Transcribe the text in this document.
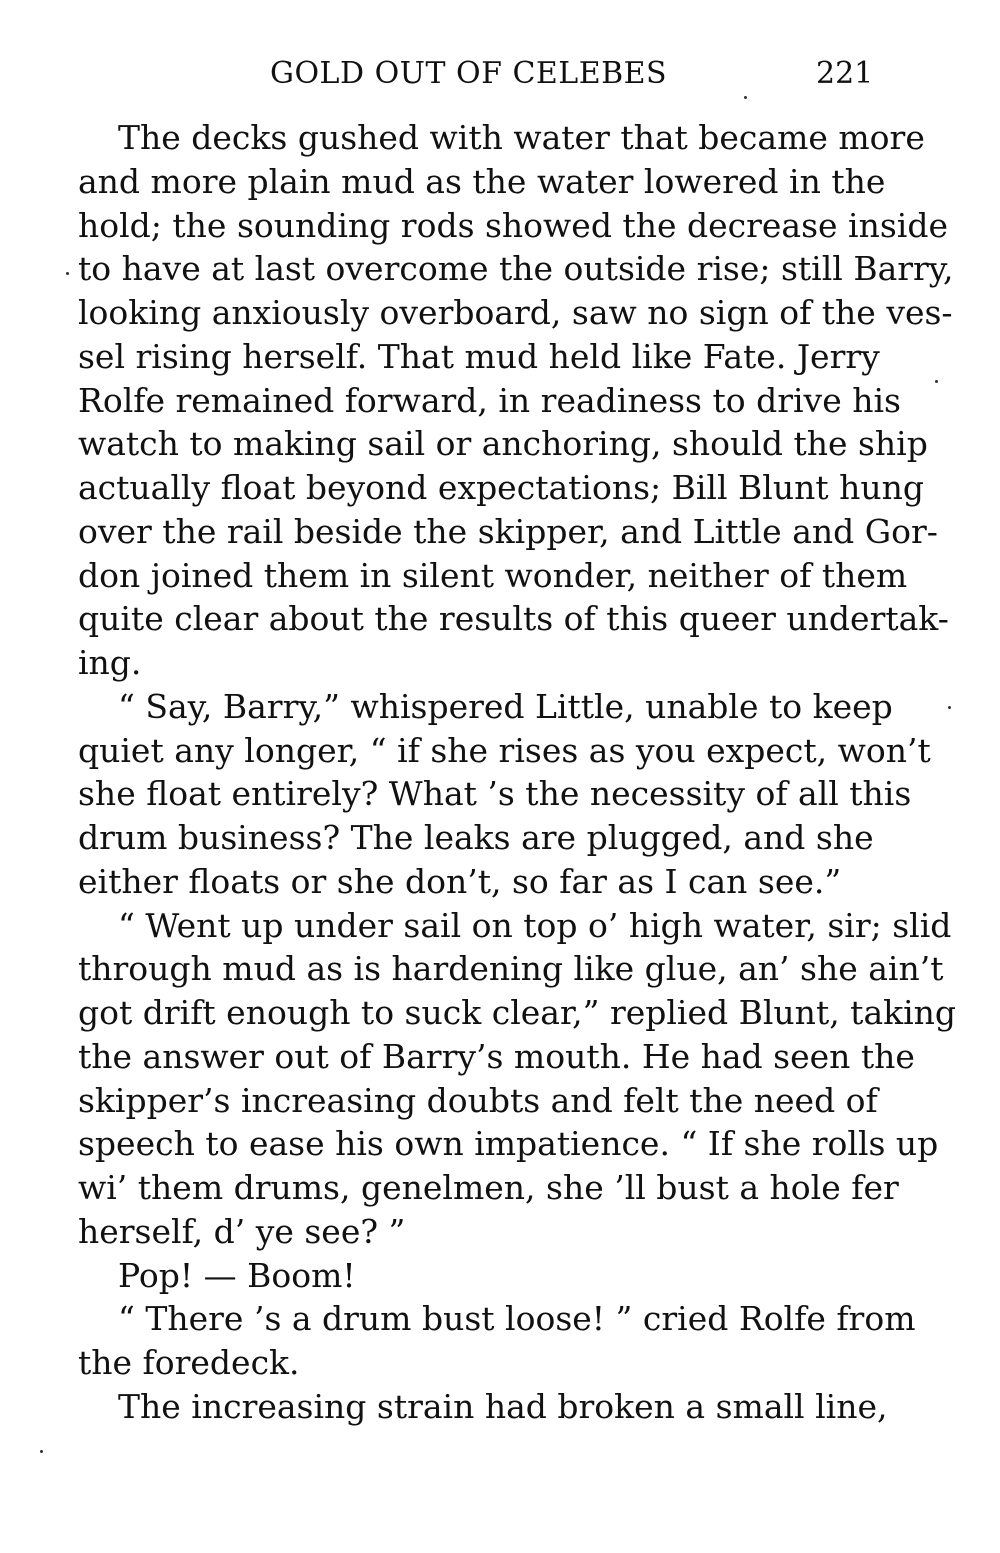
GOLD OUT OF CELEBES	221
The decks gushed with water that became more
and more plain mud as the water lowered in the
hold; the sounding rods showed the decrease inside
to have at last overcome the outside rise; still Barry,
looking anxiously overboard, saw no sign of the ves-
sel rising herself. That mud held like Fate. Jerry
Rolfe remained forward, in readiness to drive his
watch to making sail or anchoring, should the ship
actually float beyond expectations; Bill Blunt hung
over the rail beside the skipper, and Little and Gor-
don joined them in silent wonder, neither of them
quite clear about the results of this queer undertak-
ing.
“ Say, Barry,” whispered Little, unable to keep
quiet any longer, “ if she rises as you expect, won’t
she float entirely? What ’s the necessity of all this
drum business? The leaks are plugged, and she
either floats or she don’t, so far as I can see.”
“ Went up under sail on top o’ high water, sir; slid
through mud as is hardening like glue, an’ she ain’t
got drift enough to suck clear,” replied Blunt, taking
the answer out of Barry’s mouth. He had seen the
skipper’s increasing doubts and felt the need of
speech to ease his own impatience. “ If she rolls up
wi’ them drums, genelmen, she ’ll bust a hole fer
herself, d’ ye see? ”
Pop! — Boom!
“ There ’s a drum bust loose! ” cried Rolfe from
the foredeck.
The increasing strain had broken a small line,
